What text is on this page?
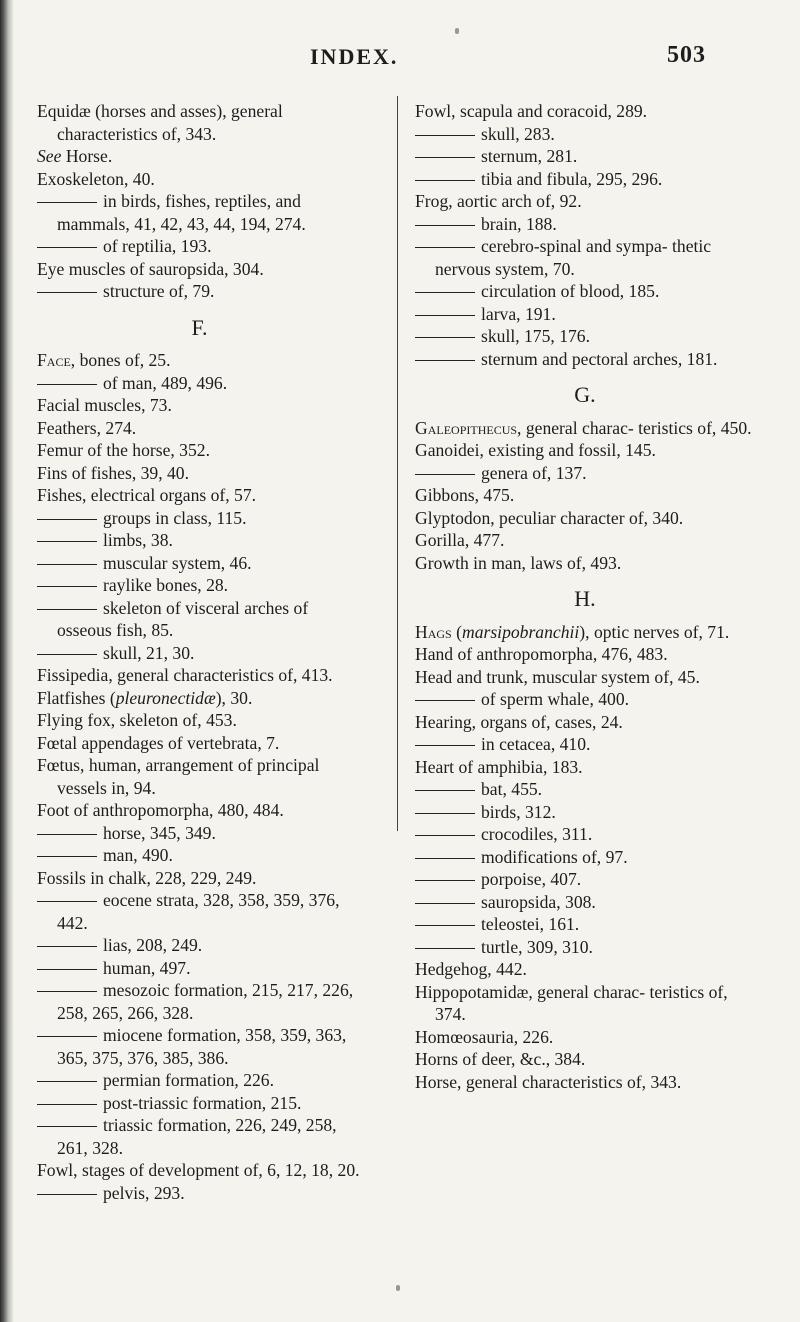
INDEX.	503
Equidæ (horses and asses), general characteristics of, 343.
See Horse.
Exoskeleton, 40.
in birds, fishes, reptiles, and mammals, 41, 42, 43, 44, 194, 274.
of reptilia, 193.
Eye muscles of sauropsida, 304.
structure of, 79.
F.
Face, bones of, 25.
of man, 489, 496.
Facial muscles, 73.
Feathers, 274.
Femur of the horse, 352.
Fins of fishes, 39, 40.
Fishes, electrical organs of, 57.
groups in class, 115.
limbs, 38.
muscular system, 46.
raylike bones, 28.
skeleton of visceral arches of osseous fish, 85.
skull, 21, 30.
Fissipedia, general characteristics of, 413.
Flatfishes (pleuronectidæ), 30.
Flying fox, skeleton of, 453.
Fœtal appendages of vertebrata, 7.
Fœtus, human, arrangement of principal vessels in, 94.
Foot of anthropomorpha, 480, 484.
horse, 345, 349.
man, 490.
Fossils in chalk, 228, 229, 249.
eocene strata, 328, 358, 359, 376, 442.
lias, 208, 249.
human, 497.
mesozoic formation, 215, 217, 226, 258, 265, 266, 328.
miocene formation, 358, 359, 363, 365, 375, 376, 385, 386.
permian formation, 226.
post-triassic formation, 215.
triassic formation, 226, 249, 258, 261, 328.
Fowl, stages of development of, 6, 12, 18, 20.
pelvis, 293.
Fowl, scapula and coracoid, 289.
skull, 283.
sternum, 281.
tibia and fibula, 295, 296.
Frog, aortic arch of, 92.
brain, 188.
cerebro-spinal and sympa- thetic nervous system, 70.
circulation of blood, 185.
larva, 191.
skull, 175, 176.
sternum and pectoral arches, 181.
G.
Galeopithecus, general charac- teristics of, 450.
Ganoidei, existing and fossil, 145.
genera of, 137.
Gibbons, 475.
Glyptodon, peculiar character of, 340.
Gorilla, 477.
Growth in man, laws of, 493.
H.
Hags (marsipobranchii), optic nerves of, 71.
Hand of anthropomorpha, 476, 483.
Head and trunk, muscular system of, 45.
of sperm whale, 400.
Hearing, organs of, cases, 24.
in cetacea, 410.
Heart of amphibia, 183.
bat, 455.
birds, 312.
crocodiles, 311.
modifications of, 97.
porpoise, 407.
sauropsida, 308.
teleostei, 161.
turtle, 309, 310.
Hedgehog, 442.
Hippopotamidæ, general charac- teristics of, 374.
Homœosauria, 226.
Horns of deer, &c., 384.
Horse, general characteristics of, 343.
